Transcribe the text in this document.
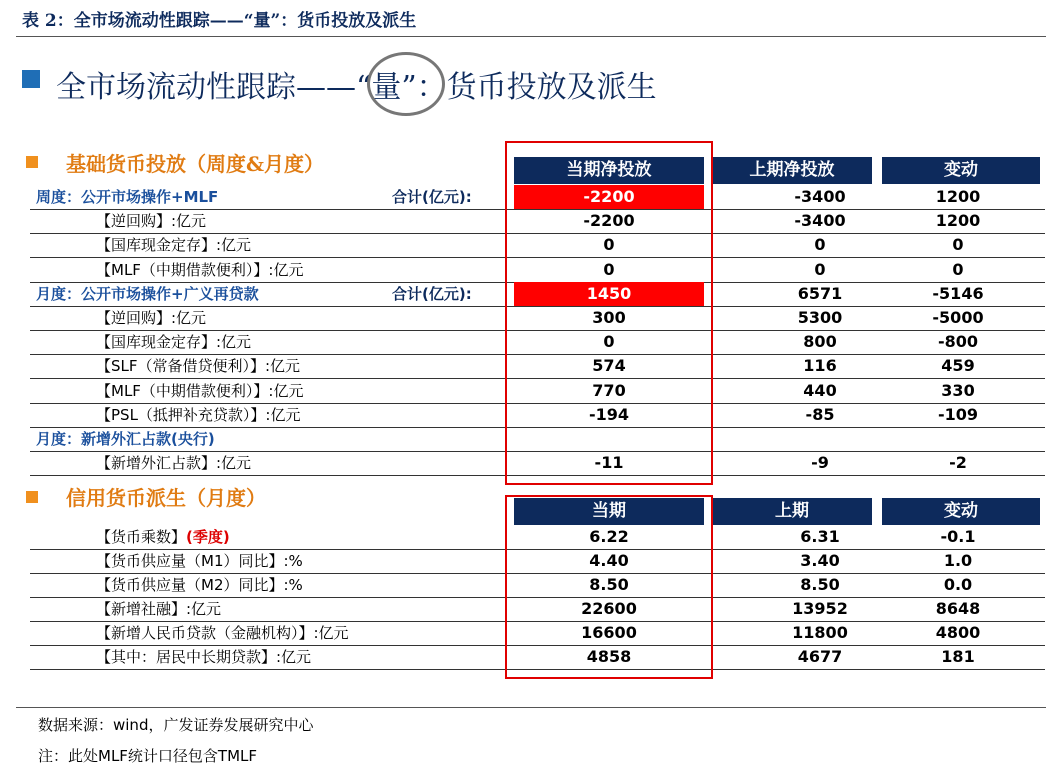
表 2：全市场流动性跟踪——“量”：货币投放及派生
全市场流动性跟踪——“量”：货币投放及派生
基础货币投放（周度&月度）	当期净投放	上期净投放	变动
周度：公开市场操作+MLF	合计(亿元):	-2200	-3400	1200
【逆回购】:亿元	-2200	-3400	1200
【国库现金定存】:亿元	0	0	0
【MLF（中期借款便利）】:亿元	0	0	0
月度：公开市场操作+广义再贷款	合计(亿元):	1450	6571	-5146
【逆回购】:亿元	300	5300	-5000
【国库现金定存】:亿元	0	800	-800
【SLF（常备借贷便利）】:亿元	574	116	459
【MLF（中期借款便利）】:亿元	770	440	330
【PSL（抵押补充贷款）】:亿元	-194	-85	-109
月度：新增外汇占款(央行)
【新增外汇占款】:亿元	-11	-9	-2
信用货币派生（月度）
当期	上期	变动
【货币乘数】(季度)	6.22	6.31	-0.1
【货币供应量（M1）同比】:%	4.40	3.40	1.0
【货币供应量（M2）同比】:%	8.50	8.50	0.0
【新增社融】:亿元	22600	13952	8648
【新增人民币贷款（金融机构）】:亿元	16600	11800	4800
【其中：居民中长期贷款】:亿元	4858	4677	181
数据来源：wind，广发证券发展研究中心
注：此处MLF统计口径包含TMLF
